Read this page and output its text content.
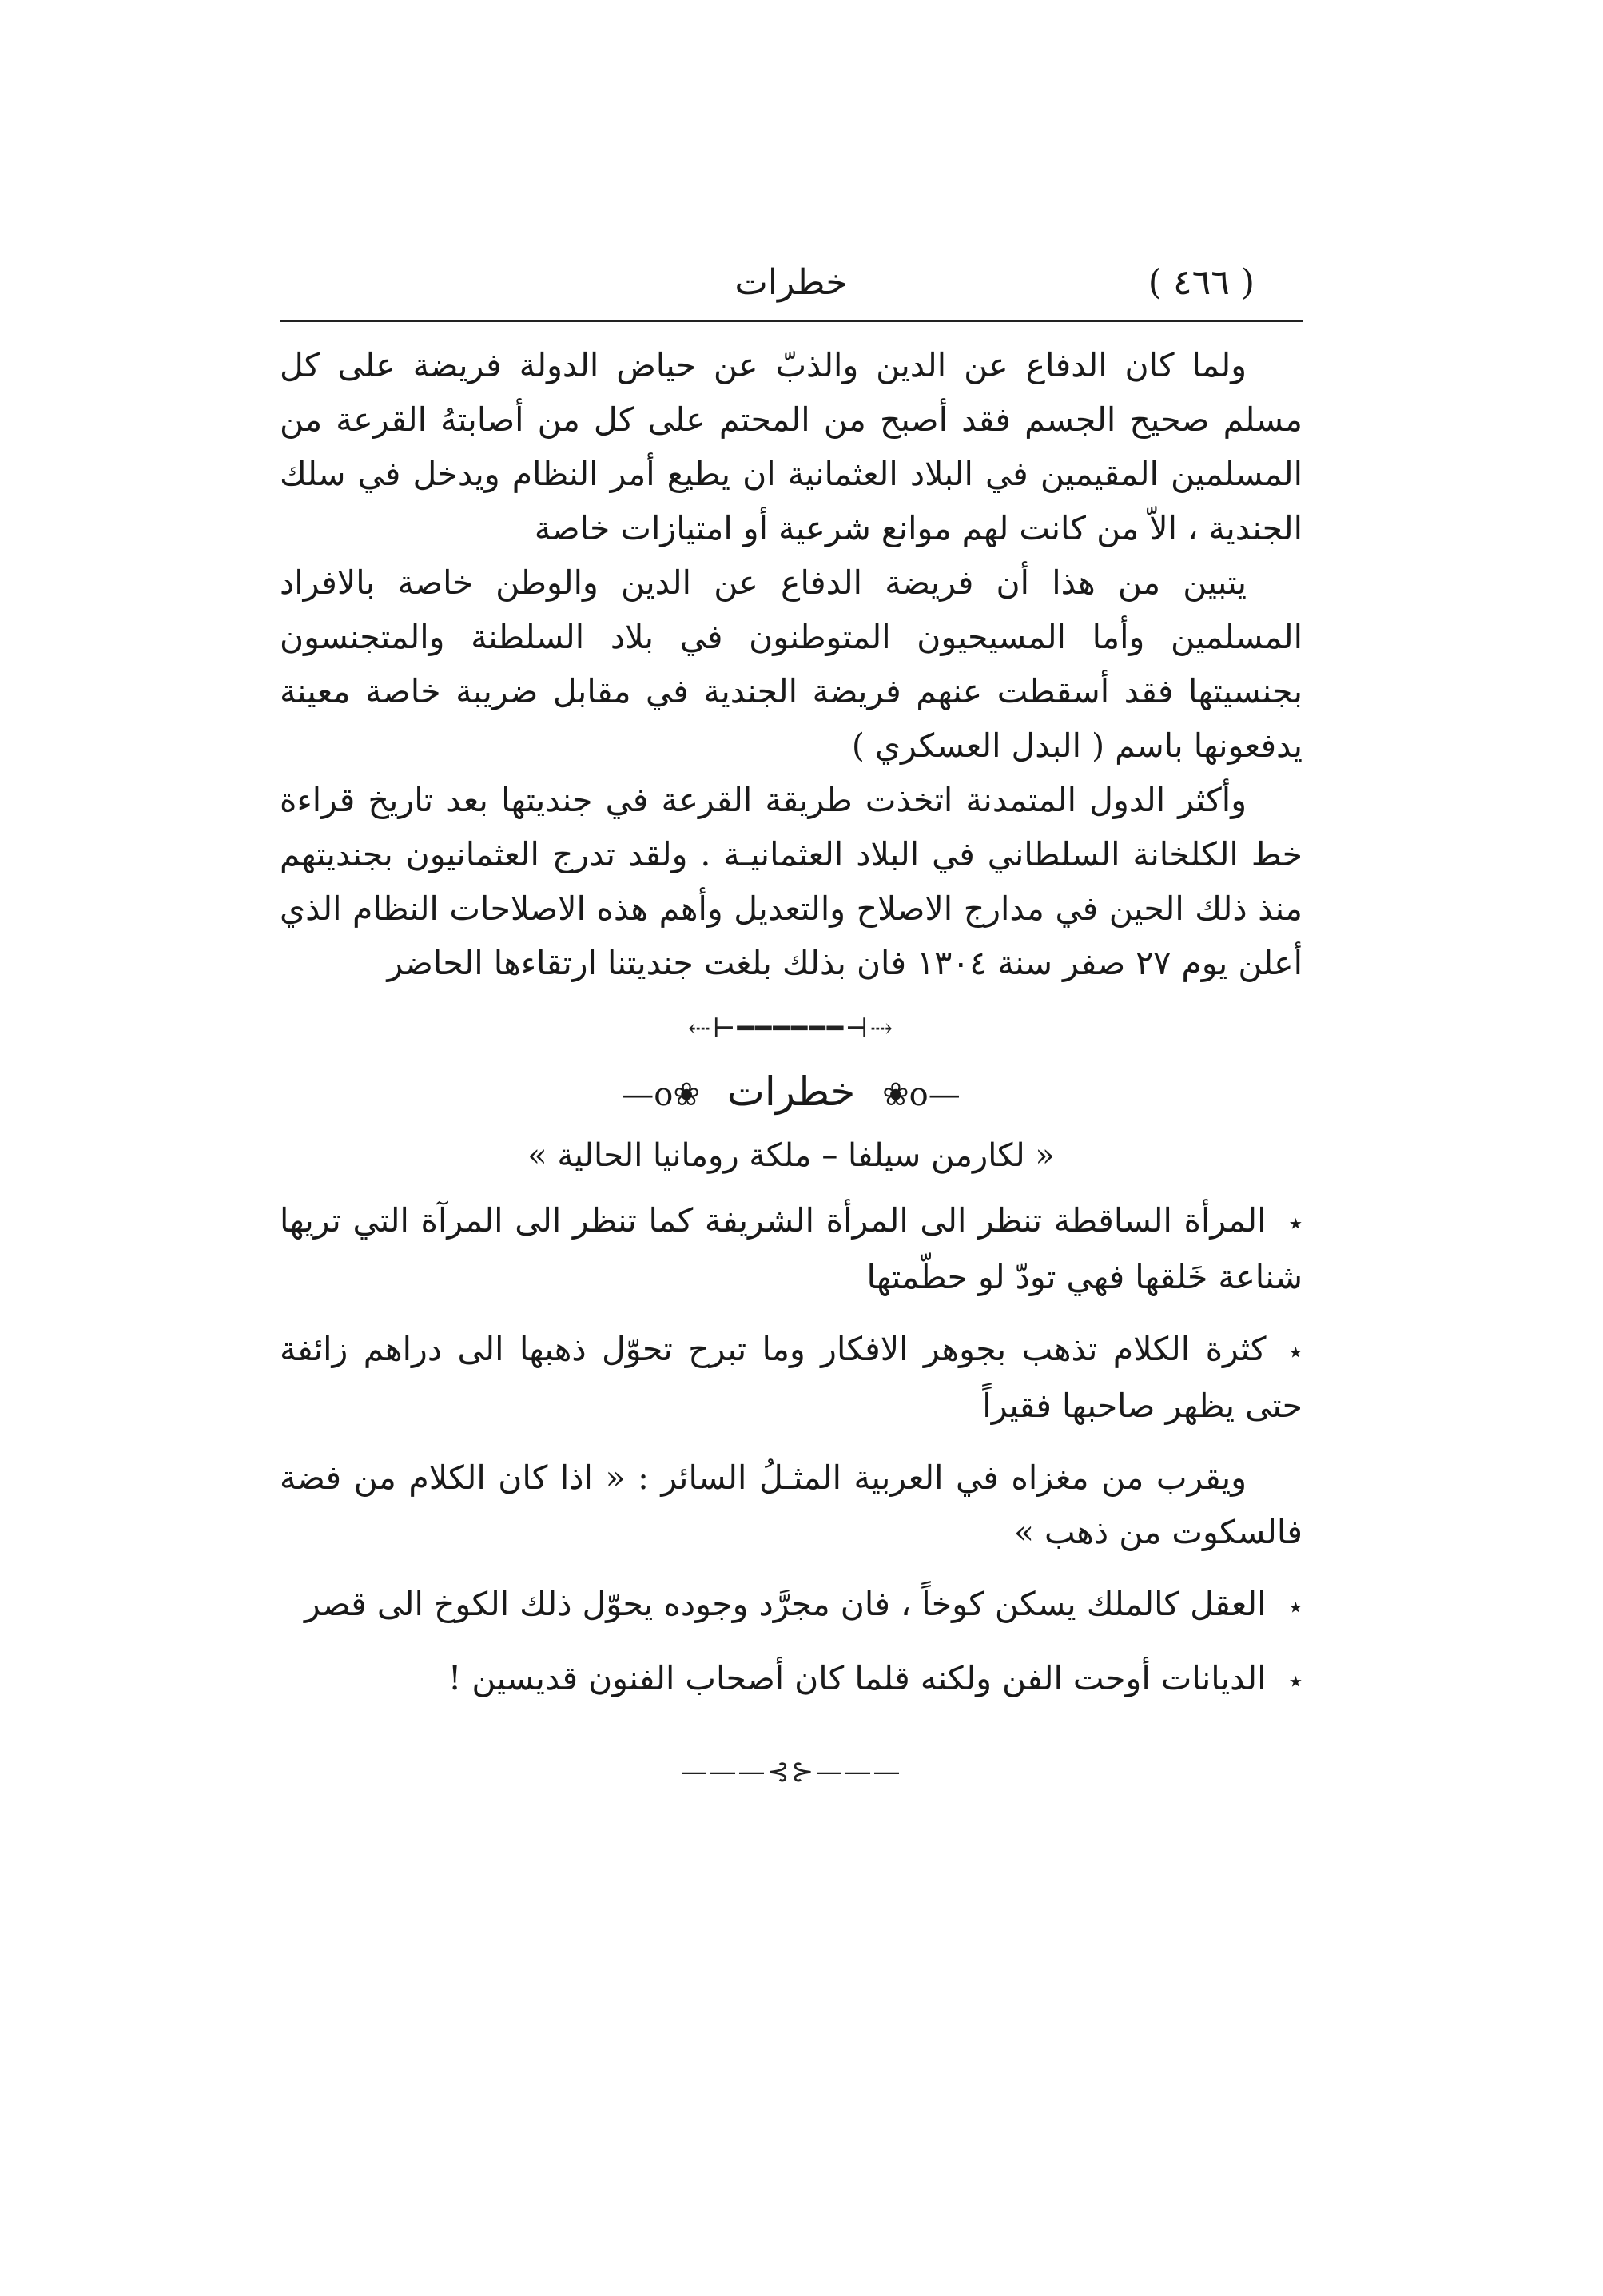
( ٤٦٦ )
خطرات

ولما كان الدفاع عن الدين والذبّ عن حياض الدولة فريضة على كل مسلم صحيح الجسم فقد أصبح من المحتم على كل من أصابتهُ القرعة من المسلمين المقيمين في البلاد العثمانية ان يطيع أمر النظام ويدخل في سلك الجندية ، الاّ من كانت لهم موانع شرعية أو امتيازات خاصة

يتبين من هذا أن فريضة الدفاع عن الدين والوطن خاصة بالافراد المسلمين وأما المسيحيون المتوطنون في بلاد السلطنة والمتجنسون بجنسيتها فقد أسقطت عنهم فريضة الجندية في مقابل ضريبة خاصة معينة يدفعونها باسم ( البدل العسكري )

وأكثر الدول المتمدنة اتخذت طريقة القرعة في جنديتها بعد تاريخ قراءة خط الكلخانة السلطاني في البلاد العثمانيـة . ولقد تدرج العثمانيون بجنديتهم منذ ذلك الحين في مدارج الاصلاح والتعديل وأهم هذه الاصلاحات النظام الذي أعلن يوم ٢٧ صفر سنة ١٣٠٤ فان بذلك بلغت جنديتنا ارتقاءها الحاضر

⇢⊢━━━━━━⊣⇠
—o❀ خطرات ❀o—
« لكارمن سيلفا – ملكة رومانيا الحالية »
٭المرأة الساقطة تنظر الى المرأة الشريفة كما تنظر الى المرآة التي تريها شناعة خَلقها فهي تودّ لو حطّمتها
٭كثرة الكلام تذهب بجوهر الافكار وما تبرح تحوّل ذهبها الى دراهم زائفة حتى يظهر صاحبها فقيراً
ويقرب من مغزاه في العربية المثـلُ السائر : « اذا كان الكلام من فضة فالسكوت من ذهب »
٭العقل كالملك يسكن كوخاً ، فان مجرَّد وجوده يحوّل ذلك الكوخ الى قصر
٭الديانات أوحت الفن ولكنه قلما كان أصحاب الفنون قديسين !
———⊰⊱———
